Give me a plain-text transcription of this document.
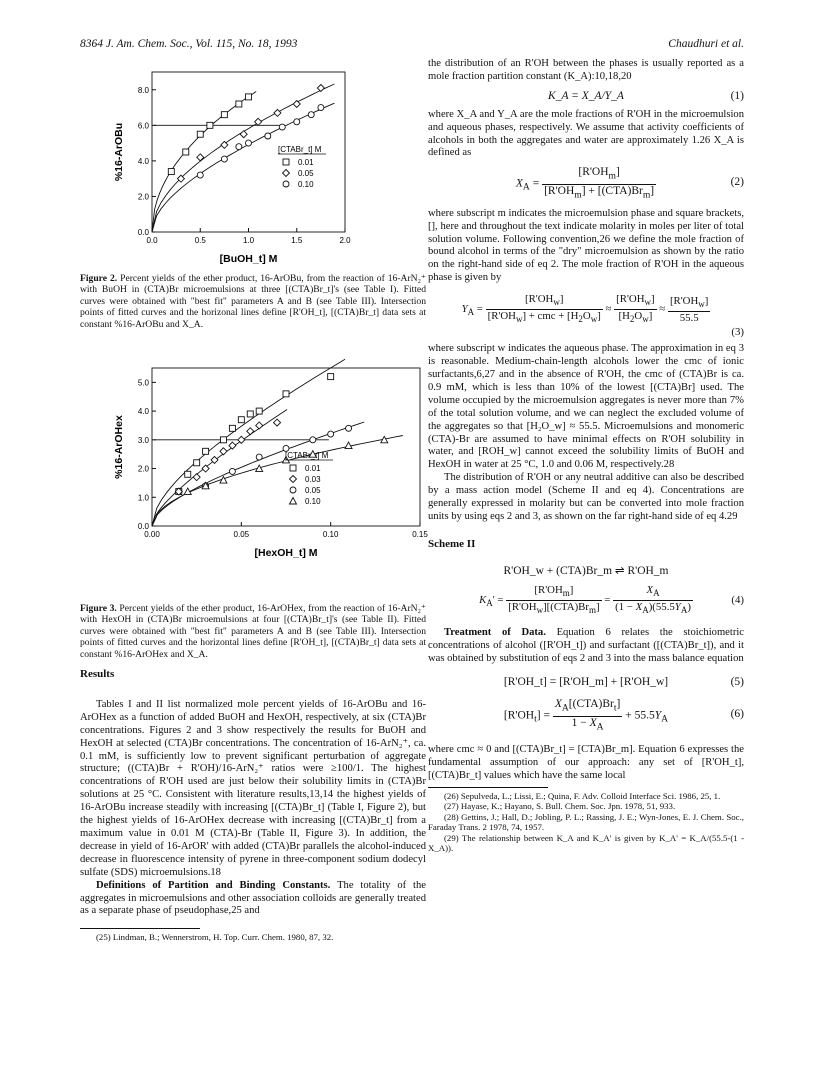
8364 J. Am. Chem. Soc., Vol. 115, No. 18, 1993	Chaudhuri et al.
0.0	0.5	1.0	1.5	2.0
0.0
2.0
4.0
6.0
8.0
[BuOH_t] M
%16-ArOBu	[CTABr_t] M
0.01
0.05
0.10

Figure 2. Percent yields of the ether product, 16-ArOBu, from the reaction of 16-ArN₂⁺ with BuOH in (CTA)Br microemulsions at three [(CTA)Br_t]'s (see Table I). Fitted curves were obtained with "best fit" parameters A and B (see Table III). Intersection points of fitted curves and the horizonal lines define [R'OH_t], [(CTA)Br_t] data sets at constant %16-ArOBu and X_A.

0.00	0.05	0.10	0.15
0.0
1.0
2.0
3.0
4.0
5.0
[HexOH_t] M
%16-ArOHex	[CTABr_t] M
0.01
0.03
0.05
0.10

Figure 3. Percent yields of the ether product, 16-ArOHex, from the reaction of 16-ArN₂⁺ with HexOH in (CTA)Br microemulsions at four [(CTA)Br_t]'s (see Table II). Fitted curves were obtained with "best fit" parameters A and B (see Table III). Intersection points of fitted curves and the horizontal lines define [R'OH_t], [(CTA)Br_t] data sets at constant %16-ArOHex and X_A.

Results

Tables I and II list normalized mole percent yields of 16-ArOBu and 16-ArOHex as a function of added BuOH and HexOH, respectively, at six (CTA)Br concentrations. Figures 2 and 3 show respectively the results for BuOH and HexOH at selected (CTA)Br concentrations. The concentration of 16-ArN₂⁺, ca. 0.1 mM, is sufficiently low to prevent significant perturbation of aggregate structure; ((CTA)Br + R'OH)/16-ArN₂⁺ ratios were ≥100/1. The highest concentrations of R'OH used are just below their solubility limits in (CTA)Br solutions at 25 °C. Consistent with literature results,13,14 the highest yields of 16-ArOBu increase steadily with increasing [(CTA)Br_t] (Table I, Figure 2), but the highest yields of 16-ArOHex decrease with increasing [(CTA)Br_t] from a maximum value in 0.01 M (CTA)-Br (Table II, Figure 3). In addition, the decrease in yield of 16-ArOR' with added (CTA)Br parallels the alcohol-induced decrease in fluorescence intensity of pyrene in three-component sodium dodecyl sulfate (SDS) microemulsions.18

Definitions of Partition and Binding Constants. The totality of the aggregates in microemulsions and other association colloids are generally treated as a separate phase of pseudophase,25 and

(25) Lindman, B.; Wennerstrom, H. Top. Curr. Chem. 1980, 87, 32.

the distribution of an R'OH between the phases is usually reported as a mole fraction partition constant (K_A):10,18,20

K_A = X_A/Y_A	(1)

where X_A and Y_A are the mole fractions of R'OH in the microemulsion and aqueous phases, respectively. We assume that activity coefficients of alcohols in both the aggregates and water are approximately 1.26 X_A is defined as

$X_A$ =
$[R'OH_m]$
$[R'OH_m] + [(CTA)Br_m]$
(2)

where subscript m indicates the microemulsion phase and square brackets, [], here and throughout the text indicate molarity in moles per liter of total solution volume. Following convention,26 we define the mole fraction of bound alcohol in terms of the "dry" microemulsion as shown by the ratio on the right-hand side of eq 2. The mole fraction of R'OH in the aqueous phase is given by

$Y_A$ =
$[R'OH_w]$
$[R'OH_w]$ + cmc + $[H_2O_w]$
≈
$[R'OH_w]$
$[H_2O_w]$
≈
$[R'OH_w]$
55.5
(3)

where subscript w indicates the aqueous phase. The approximation in eq 3 is reasonable. Medium-chain-length alcohols lower the cmc of ionic surfactants,6,27 and in the absence of R'OH, the cmc of (CTA)Br is ca. 0.9 mM, which is less than 10% of the lowest [(CTA)Br] used. The volume occupied by the microemulsion aggregates is never more than 7% of the total solution volume, and we can neglect the excluded volume of the aggregates so that [H₂O_w] ≈ 55.5. Microemulsions and monomeric (CTA)-Br are assumed to have minimal effects on R'OH solubility in water, and [ROH_w] cannot exceed the solubility limits of BuOH and HexOH in water at 25 °C, 1.0 and 0.06 M, respectively.28

The distribution of R'OH or any neutral additive can also be described by a mass action model (Scheme II and eq 4). Concentrations are generally expressed in molarity but can be converted into mole fraction units by using eqs 2 and 3, as shown on the far right-hand side of eq 4.29

Scheme II

R'OH_w + (CTA)Br_m ⇌ R'OH_m
$K_A'$ =
$[R'OH_m]$
$[R'OH_w][(CTA)Br_m]$
= $\frac{X_A}{(1 - X_A)(55.5Y_A)}$	(4)

Treatment of Data. Equation 6 relates the stoichiometric concentrations of alcohol ([R'OH_t]) and surfactant ([(CTA)Br_t]), and it was obtained by substitution of eqs 2 and 3 into the mass balance equation

[R'OH_t] = [R'OH_m] + [R'OH_w]	(5)
$[R'OH_t]$ =
$X_A[(CTA)Br_t]$
$1 - X_A$
+ $55.5Y_A$	(6)

where cmc ≈ 0 and [(CTA)Br_t] = [CTA)Br_m]. Equation 6 expresses the fundamental assumption of our approach: any set of [R'OH_t], [(CTA)Br_t] values which have the same local

(26) Sepulveda, L.; Lissi, E.; Quina, F. Adv. Colloid Interface Sci. 1986, 25, 1.

(27) Hayase, K.; Hayano, S. Bull. Chem. Soc. Jpn. 1978, 51, 933.

(28) Gettins, J.; Hall, D.; Jobling, P. L.; Rassing, J. E.; Wyn-Jones, E. J. Chem. Soc., Faraday Trans. 2 1978, 74, 1957.

(29) The relationship between K_A and K_A' is given by K_A' = K_A/(55.5-(1 - X_A)).
